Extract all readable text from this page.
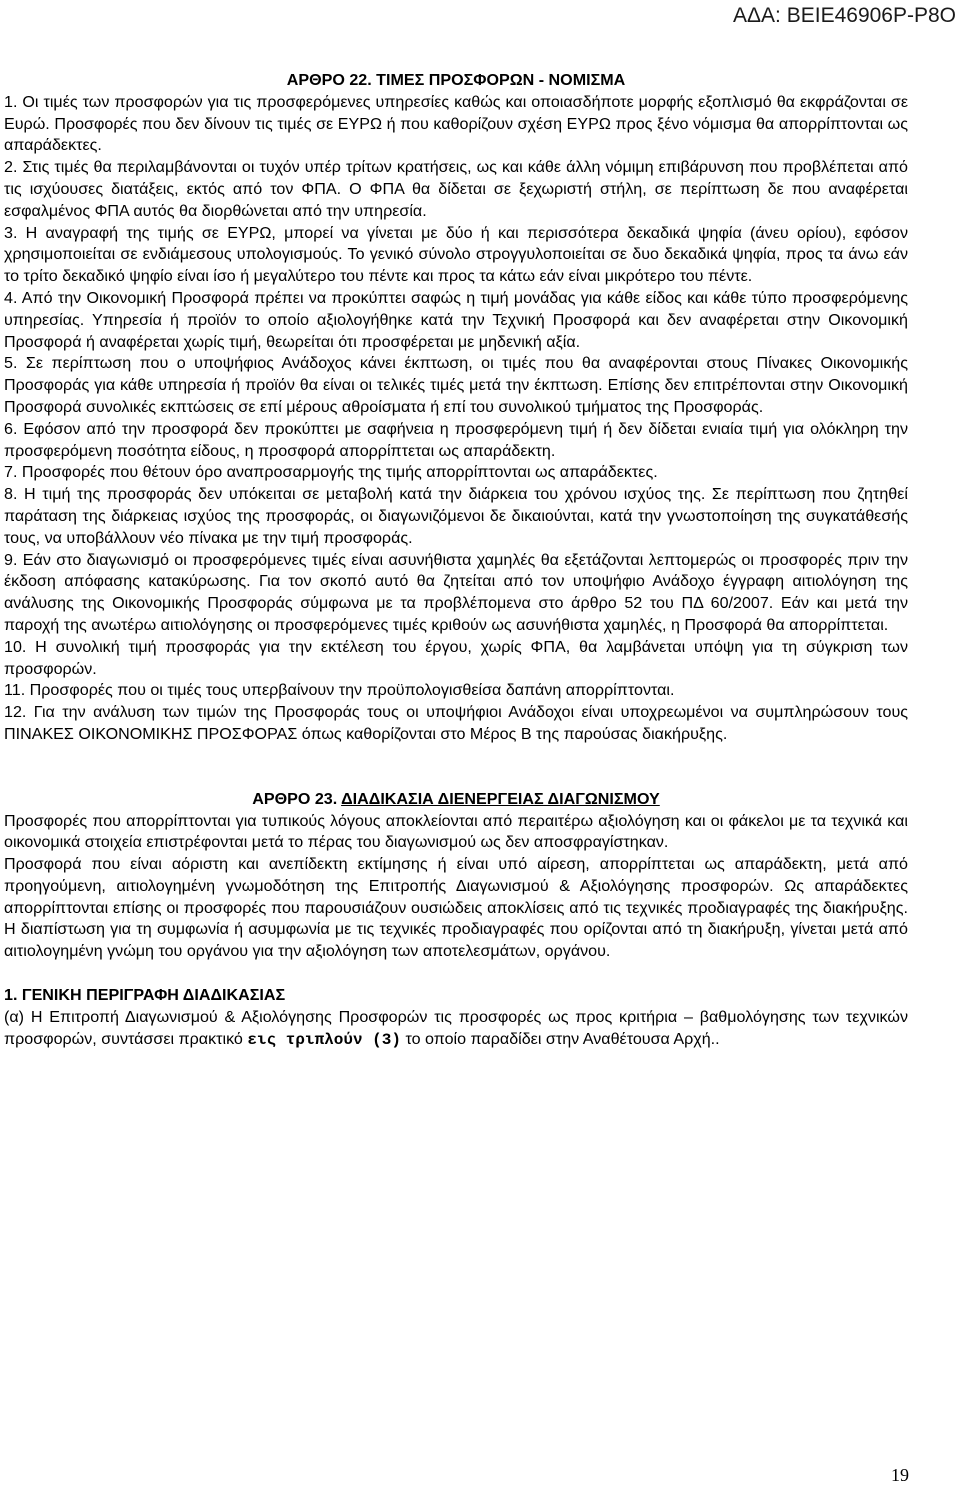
ΑΔΑ: ΒΕΙΕ46906Ρ-Ρ8Ο
ΑΡΘΡΟ 22. ΤΙΜΕΣ ΠΡΟΣΦΟΡΩΝ - ΝΟΜΙΣΜΑ

1. Οι τιμές των προσφορών για τις προσφερόμενες υπηρεσίες καθώς και οποιασδήποτε μορφής εξοπλισμό θα εκφράζονται σε Ευρώ. Προσφορές που δεν δίνουν τις τιμές σε ΕΥΡΩ ή που καθορίζουν σχέση ΕΥΡΩ προς ξένο νόμισμα θα απορρίπτονται ως απαράδεκτες.

2. Στις τιμές θα περιλαμβάνονται οι τυχόν υπέρ τρίτων κρατήσεις, ως και κάθε άλλη νόμιμη επιβάρυνση που προβλέπεται από τις ισχύουσες διατάξεις, εκτός από τον ΦΠΑ. Ο ΦΠΑ θα δίδεται σε ξεχωριστή στήλη, σε περίπτωση δε που αναφέρεται εσφαλμένος ΦΠΑ αυτός θα διορθώνεται από την υπηρεσία.

3. Η αναγραφή της τιμής σε ΕΥΡΩ, μπορεί να γίνεται με δύο ή και περισσότερα δεκαδικά ψηφία (άνευ ορίου), εφόσον χρησιμοποιείται σε ενδιάμεσους υπολογισμούς. Το γενικό σύνολο στρογγυλοποιείται σε δυο δεκαδικά ψηφία, προς τα άνω εάν το τρίτο δεκαδικό ψηφίο είναι ίσο ή μεγαλύτερο του πέντε και προς τα κάτω εάν είναι μικρότερο του πέντε.

4. Από την Οικονομική Προσφορά πρέπει να προκύπτει σαφώς η τιμή μονάδας για κάθε είδος και κάθε τύπο προσφερόμενης υπηρεσίας. Υπηρεσία ή προϊόν το οποίο αξιολογήθηκε κατά την Τεχνική Προσφορά και δεν αναφέρεται στην Οικονομική Προσφορά ή αναφέρεται χωρίς τιμή, θεωρείται ότι προσφέρεται με μηδενική αξία.

5. Σε περίπτωση που ο υποψήφιος Ανάδοχος κάνει έκπτωση, οι τιμές που θα αναφέρονται στους Πίνακες Οικονομικής Προσφοράς για κάθε υπηρεσία ή προϊόν θα είναι οι τελικές τιμές μετά την έκπτωση. Επίσης δεν επιτρέπονται στην Οικονομική Προσφορά συνολικές εκπτώσεις σε επί μέρους αθροίσματα ή επί του συνολικού τμήματος της Προσφοράς.

6. Εφόσον από την προσφορά δεν προκύπτει με σαφήνεια η προσφερόμενη τιμή ή δεν δίδεται ενιαία τιμή για ολόκληρη την προσφερόμενη ποσότητα είδους, η προσφορά απορρίπτεται ως απαράδεκτη.

7. Προσφορές που θέτουν όρο αναπροσαρμογής της τιμής απορρίπτονται ως απαράδεκτες.

8. Η τιμή της προσφοράς δεν υπόκειται σε μεταβολή κατά την διάρκεια του χρόνου ισχύος της. Σε περίπτωση που ζητηθεί παράταση της διάρκειας ισχύος της προσφοράς, οι διαγωνιζόμενοι δε δικαιούνται, κατά την γνωστοποίηση της συγκατάθεσής τους, να υποβάλλουν νέο πίνακα με την τιμή προσφοράς.

9. Εάν στο διαγωνισμό οι προσφερόμενες τιμές είναι ασυνήθιστα χαμηλές θα εξετάζονται λεπτομερώς οι προσφορές πριν την έκδοση απόφασης κατακύρωσης. Για τον σκοπό αυτό θα ζητείται από τον υποψήφιο Ανάδοχο έγγραφη αιτιολόγηση της ανάλυσης της Οικονομικής Προσφοράς σύμφωνα με τα προβλέπομενα στο άρθρο 52 του ΠΔ 60/2007. Εάν και μετά την παροχή της ανωτέρω αιτιολόγησης οι προσφερόμενες τιμές κριθούν ως ασυνήθιστα χαμηλές, η Προσφορά θα απορρίπτεται.

10. Η συνολική τιμή προσφοράς για την εκτέλεση του έργου, χωρίς ΦΠΑ, θα λαμβάνεται υπόψη για τη σύγκριση των προσφορών.

11. Προσφορές που οι τιμές τους υπερβαίνουν την προϋπολογισθείσα δαπάνη απορρίπτονται.

12. Για την ανάλυση των τιμών της Προσφοράς τους οι υποψήφιοι Ανάδοχοι είναι υποχρεωμένοι να συμπληρώσουν τους ΠΙΝΑΚΕΣ ΟΙΚΟΝΟΜΙΚΗΣ ΠΡΟΣΦΟΡΑΣ όπως καθορίζονται στο Μέρος Β της παρούσας διακήρυξης.

ΑΡΘΡΟ 23. ΔΙΑΔΙΚΑΣΙΑ ΔΙΕΝΕΡΓΕΙΑΣ ΔΙΑΓΩΝΙΣΜΟΥ

Προσφορές που απορρίπτονται για τυπικούς λόγους αποκλείονται από περαιτέρω αξιολόγηση και οι φάκελοι με τα τεχνικά και οικονομικά στοιχεία επιστρέφονται μετά το πέρας του διαγωνισμού ως δεν αποσφραγίστηκαν.

Προσφορά που είναι αόριστη και ανεπίδεκτη εκτίμησης ή είναι υπό αίρεση, απορρίπτεται ως απαράδεκτη, μετά από προηγούμενη, αιτιολογημένη γνωμοδότηση της Επιτροπής Διαγωνισμού & Αξιολόγησης προσφορών. Ως απαράδεκτες απορρίπτονται επίσης οι προσφορές που παρουσιάζουν ουσιώδεις αποκλίσεις από τις τεχνικές προδιαγραφές της διακήρυξης. Η διαπίστωση για τη συμφωνία ή ασυμφωνία με τις τεχνικές προδιαγραφές που ορίζονται από τη διακήρυξη, γίνεται μετά από αιτιολογημένη γνώμη του οργάνου για την αξιολόγηση των αποτελεσμάτων, οργάνου.

1. ΓΕΝΙΚΗ ΠΕΡΙΓΡΑΦΗ ΔΙΑΔΙΚΑΣΙΑΣ

(α) Η Επιτροπή Διαγωνισμού & Αξιολόγησης Προσφορών τις προσφορές ως προς κριτήρια – βαθμολόγησης των τεχνικών προσφορών, συντάσσει πρακτικό εις τριπλούν (3) το οποίο παραδίδει στην Αναθέτουσα Αρχή..

19
